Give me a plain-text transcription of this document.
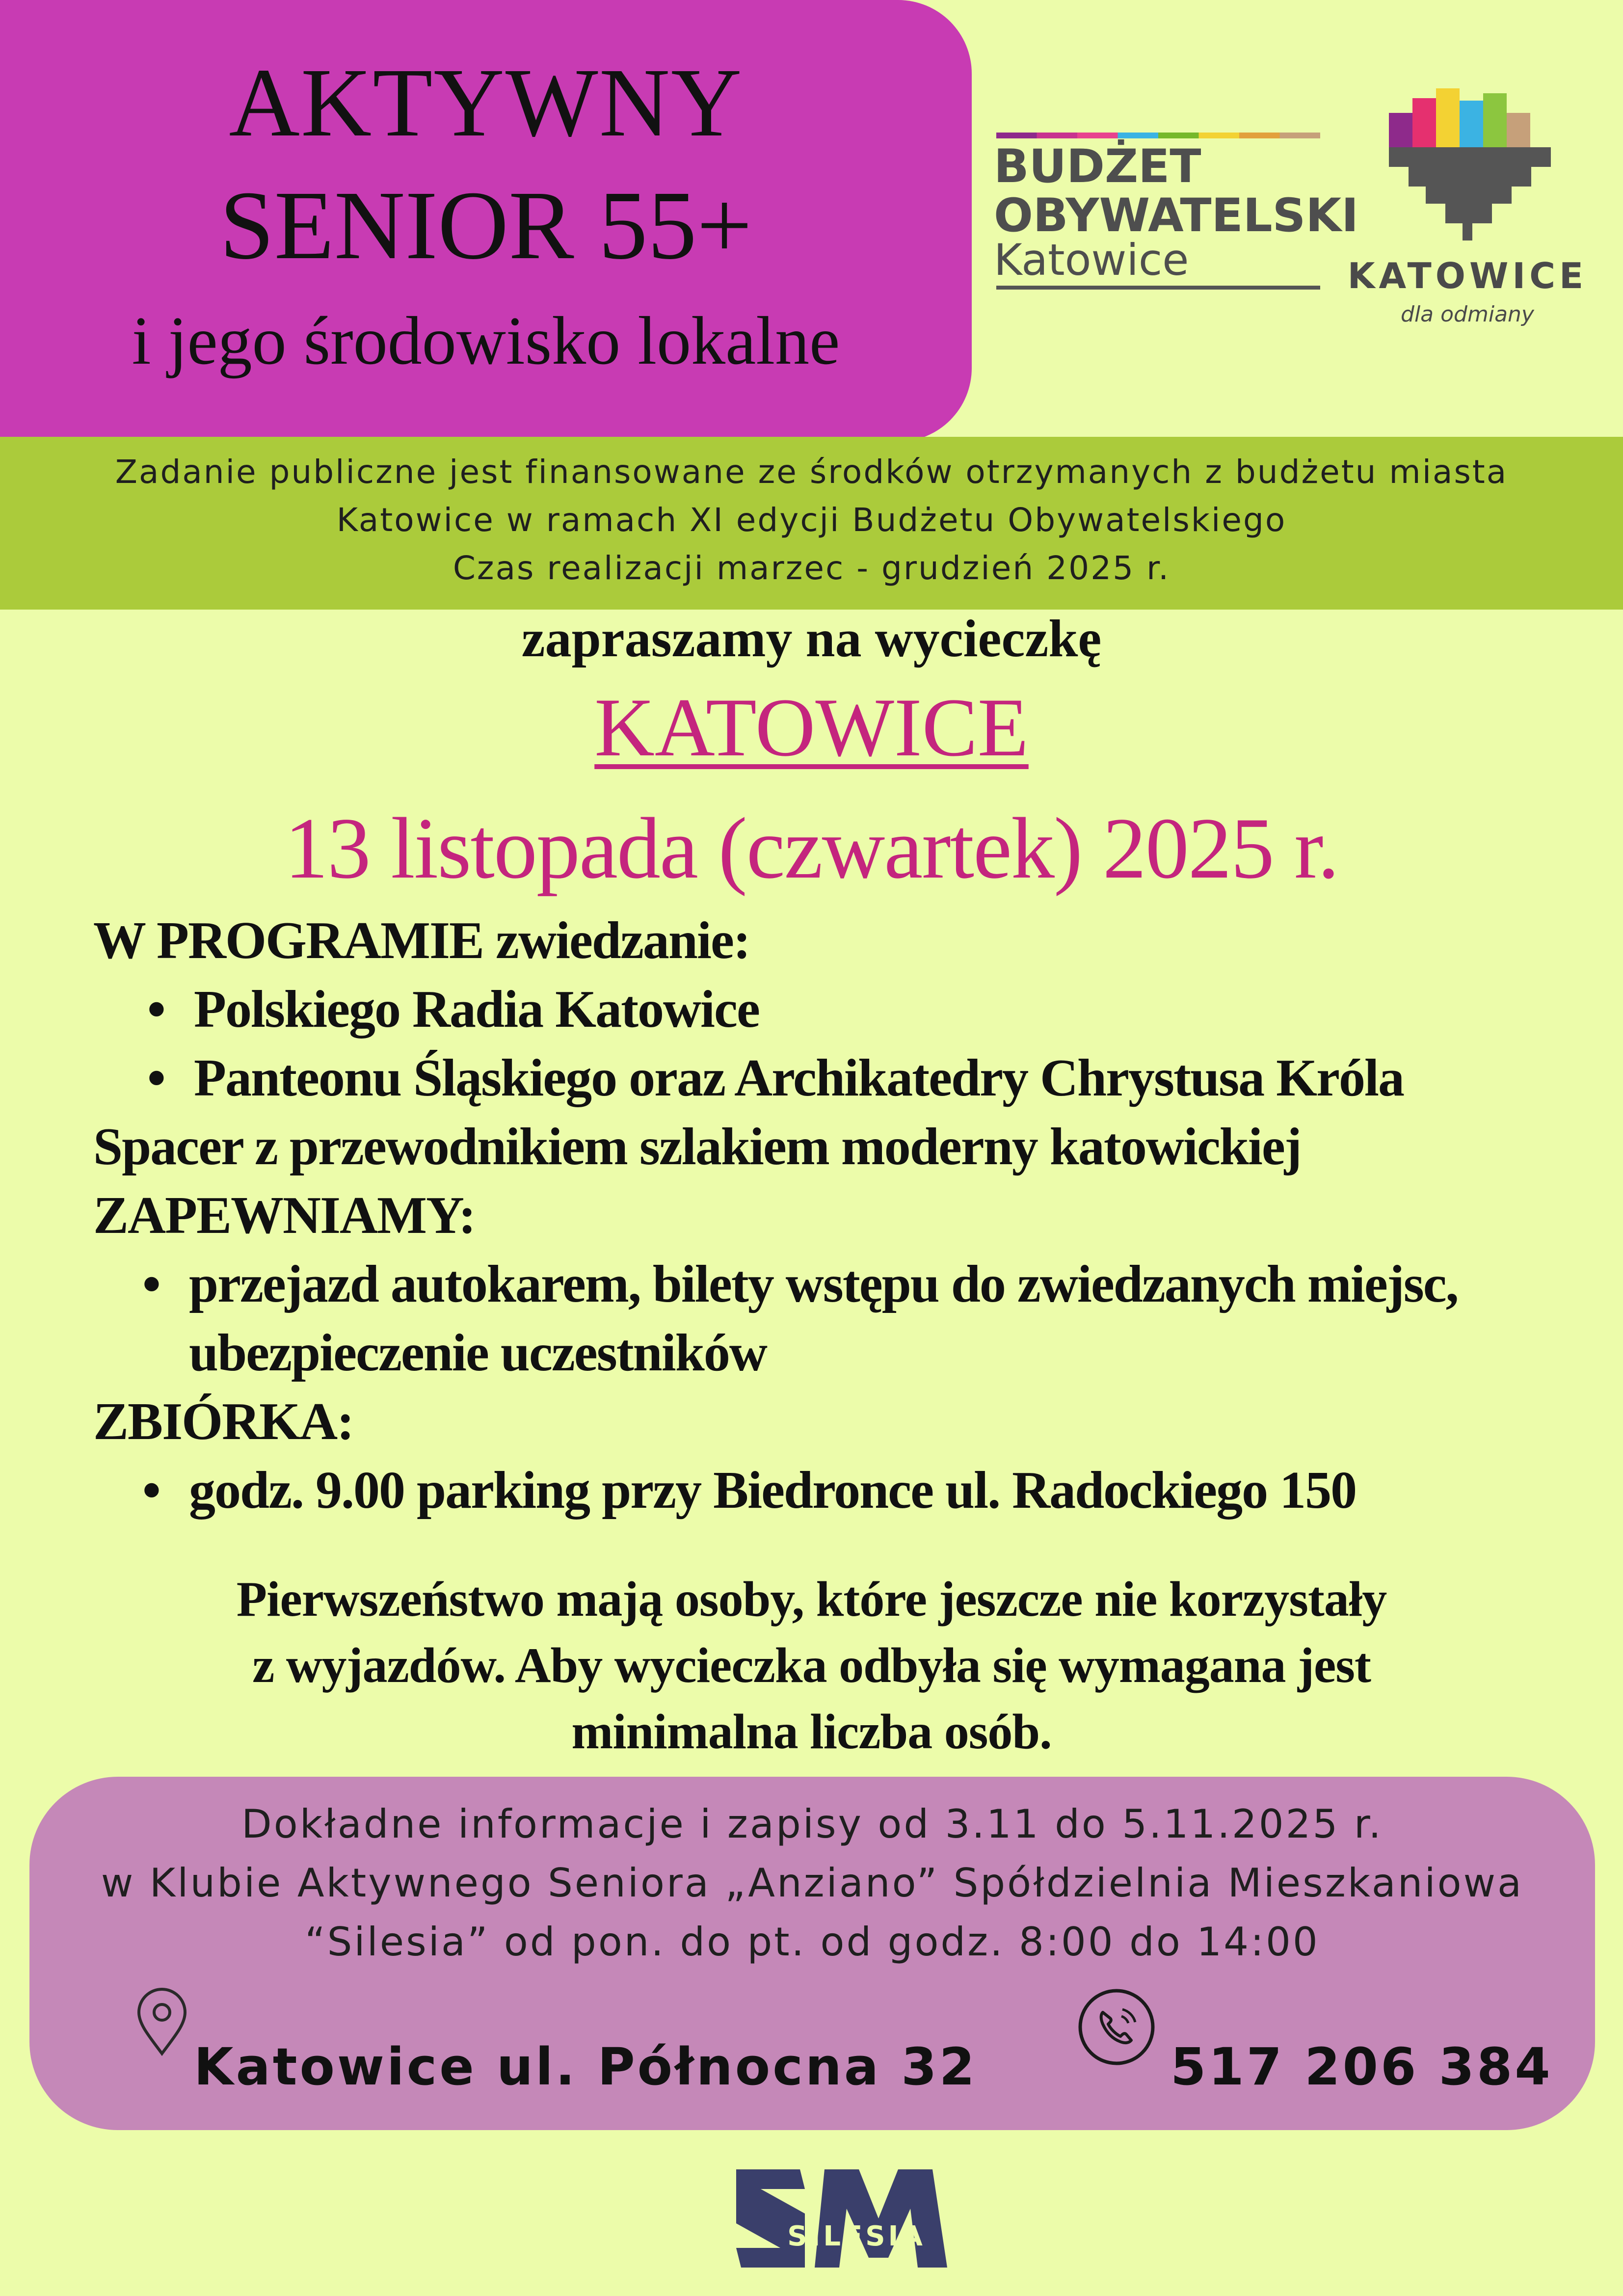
AKTYWNY
SENIOR 55+
i jego środowisko lokalne
BUDŻET
OBYWATELSKI
Katowice	KATOWICE
dla odmiany
Zadanie publiczne jest finansowane ze środków otrzymanych z budżetu miasta
Katowice w ramach XI edycji Budżetu Obywatelskiego
Czas realizacji marzec - grudzień 2025 r.
zapraszamy na wycieczkę
KATOWICE
13 listopada (czwartek) 2025 r.
W PROGRAMIE zwiedzanie:
• Polskiego Radia Katowice
• Panteonu Śląskiego oraz Archikatedry Chrystusa Króla
Spacer z przewodnikiem szlakiem moderny katowickiej
ZAPEWNIAMY:
• przejazd autokarem, bilety wstępu do zwiedzanych miejsc,
ubezpieczenie uczestników
ZBIÓRKA:
• godz. 9.00 parking przy Biedronce ul. Radockiego 150
Pierwszeństwo mają osoby, które jeszcze nie korzystały
z wyjazdów. Aby wycieczka odbyła się wymagana jest
minimalna liczba osób.
Dokładne informacje i zapisy od 3.11 do 5.11.2025 r.
w Klubie Aktywnego Seniora „Anziano” Spółdzielnia Mieszkaniowa
“Silesia” od pon. do pt. od godz. 8:00 do 14:00
Katowice ul. Północna 32	517 206 384
SILESIA
